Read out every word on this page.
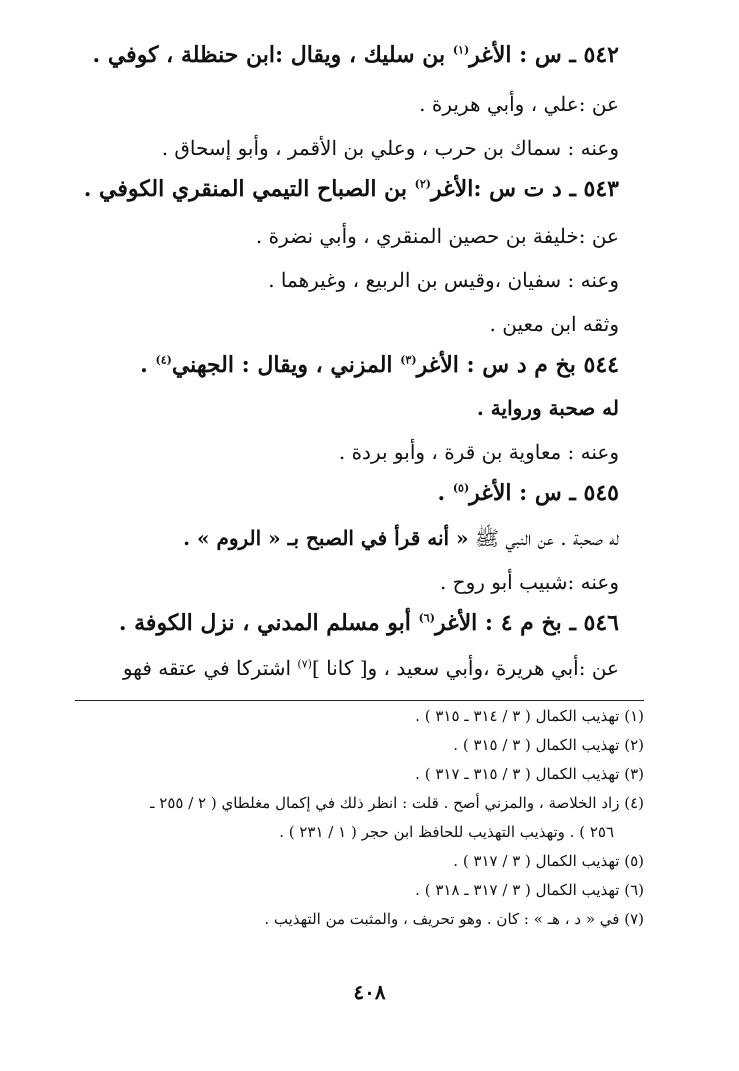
٥٤٢ ـ س : الأغر$^{(١)}$ بن سليك ، ويقال :ابن حنظلة ، كوفي .
عن :علي ، وأبي هريرة .
وعنه : سماك بن حرب ، وعلي بن الأقمر ، وأبو إسحاق .
٥٤٣ ـ د ت س :الأغر$^{(٢)}$ بن الصباح التيمي المنقري الكوفي .
عن :خليفة بن حصين المنقري ، وأبي نضرة .
وعنه : سفيان ،وقيس بن الربيع ، وغيرهما .
وثقه ابن معين .
٥٤٤ بخ م د س : الأغر$^{(٣)}$ المزني ، ويقال : الجهني$^{(٤)}$ .
له صحبة ورواية .
وعنه : معاوية بن قرة ، وأبو بردة .
٥٤٥ ـ س : الأغر$^{(٥)}$ .
له صحبة . عن النبي ﷺ « أنه قرأ في الصبح بـ « الروم » .
وعنه :شبيب أبو روح .
٥٤٦ ـ بخ م ٤ : الأغر$^{(٦)}$ أبو مسلم المدني ، نزل الكوفة .
عن :أبي هريرة ،وأبي سعيد ، و[ كانا ]$^{(٧)}$ اشتركا في عتقه فهو
(١) تهذيب الكمال ( ٣ / ٣١٤ ـ ٣١٥ ) .
(٢) تهذيب الكمال ( ٣ / ٣١٥ ) .
(٣) تهذيب الكمال ( ٣ / ٣١٥ ـ ٣١٧ ) .
(٤) زاد الخلاصة ، والمزني أصح . قلت : انظر ذلك في إكمال مغلطاي ( ٢ / ٢٥٥ ـ
٢٥٦ ) . وتهذيب التهذيب للحافظ ابن حجر ( ١ / ٢٣١ ) .
(٥) تهذيب الكمال ( ٣ / ٣١٧ ) .
(٦) تهذيب الكمال ( ٣ / ٣١٧ ـ ٣١٨ ) .
(٧) في « د ، هـ » : كان . وهو تحريف ، والمثبت من التهذيب .
٤٠٨
